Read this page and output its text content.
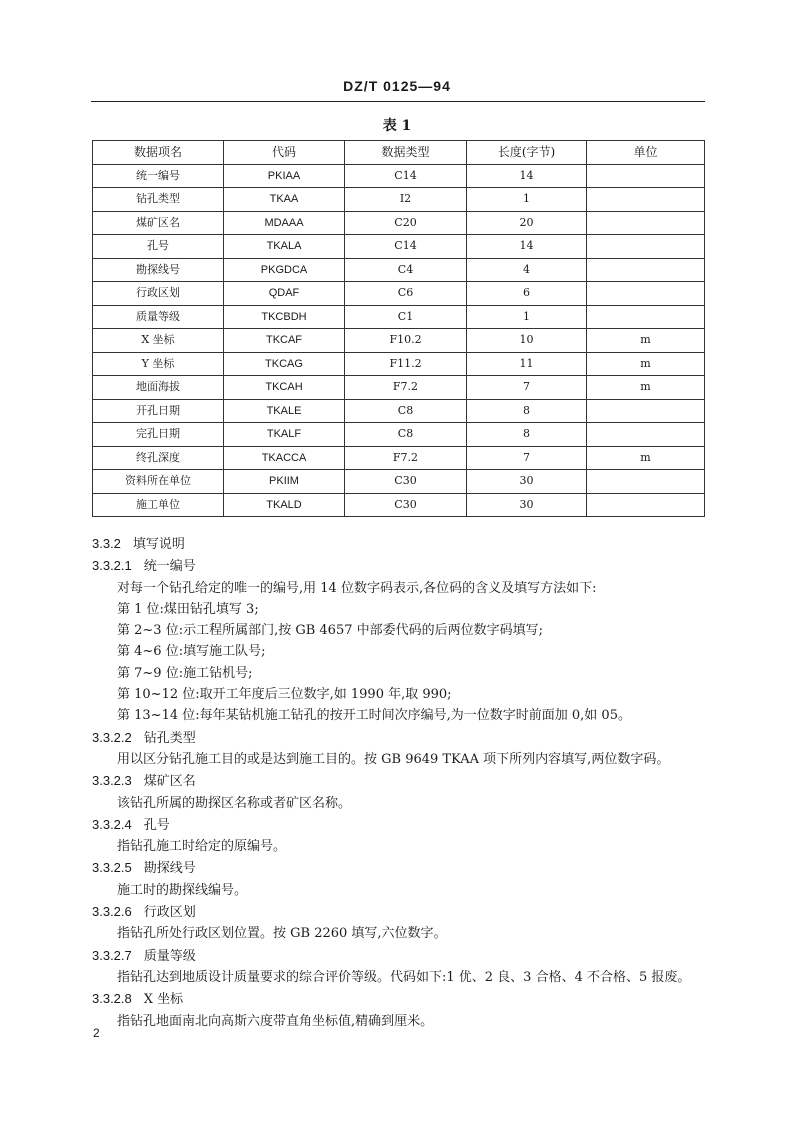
DZ/T 0125—94
表 1
数据项名	代码	数据类型	长度(字节)	单位
统一编号	PKIAA	C14	14	
钻孔类型	TKAA	I2	1	
煤矿区名	MDAAA	C20	20	
孔号	TKALA	C14	14	
勘探线号	PKGDCA	C4	4	
行政区划	QDAF	C6	6	
质量等级	TKCBDH	C1	1	
X 坐标	TKCAF	F10.2	10	m
Y 坐标	TKCAG	F11.2	11	m
地面海拔	TKCAH	F7.2	7	m
开孔日期	TKALE	C8	8	
完孔日期	TKALF	C8	8	
终孔深度	TKACCA	F7.2	7	m
资料所在单位	PKIIM	C30	30	
施工单位	TKALD	C30	30	

3.3.2 填写说明

3.3.2.1 统一编号

对每一个钻孔给定的唯一的编号,用 14 位数字码表示,各位码的含义及填写方法如下:

第 1 位:煤田钻孔填写 3;

第 2~3 位:示工程所属部门,按 GB 4657 中部委代码的后两位数字码填写;

第 4~6 位:填写施工队号;

第 7~9 位:施工钻机号;

第 10~12 位:取开工年度后三位数字,如 1990 年,取 990;

第 13~14 位:每年某钻机施工钻孔的按开工时间次序编号,为一位数字时前面加 0,如 05。

3.3.2.2 钻孔类型

用以区分钻孔施工目的或是达到施工目的。按 GB 9649 TKAA 项下所列内容填写,两位数字码。

3.3.2.3 煤矿区名

该钻孔所属的勘探区名称或者矿区名称。

3.3.2.4 孔号

指钻孔施工时给定的原编号。

3.3.2.5 勘探线号

施工时的勘探线编号。

3.3.2.6 行政区划

指钻孔所处行政区划位置。按 GB 2260 填写,六位数字。

3.3.2.7 质量等级

指钻孔达到地质设计质量要求的综合评价等级。代码如下:1 优、2 良、3 合格、4 不合格、5 报废。

3.3.2.8 X 坐标

指钻孔地面南北向高斯六度带直角坐标值,精确到厘米。

2
